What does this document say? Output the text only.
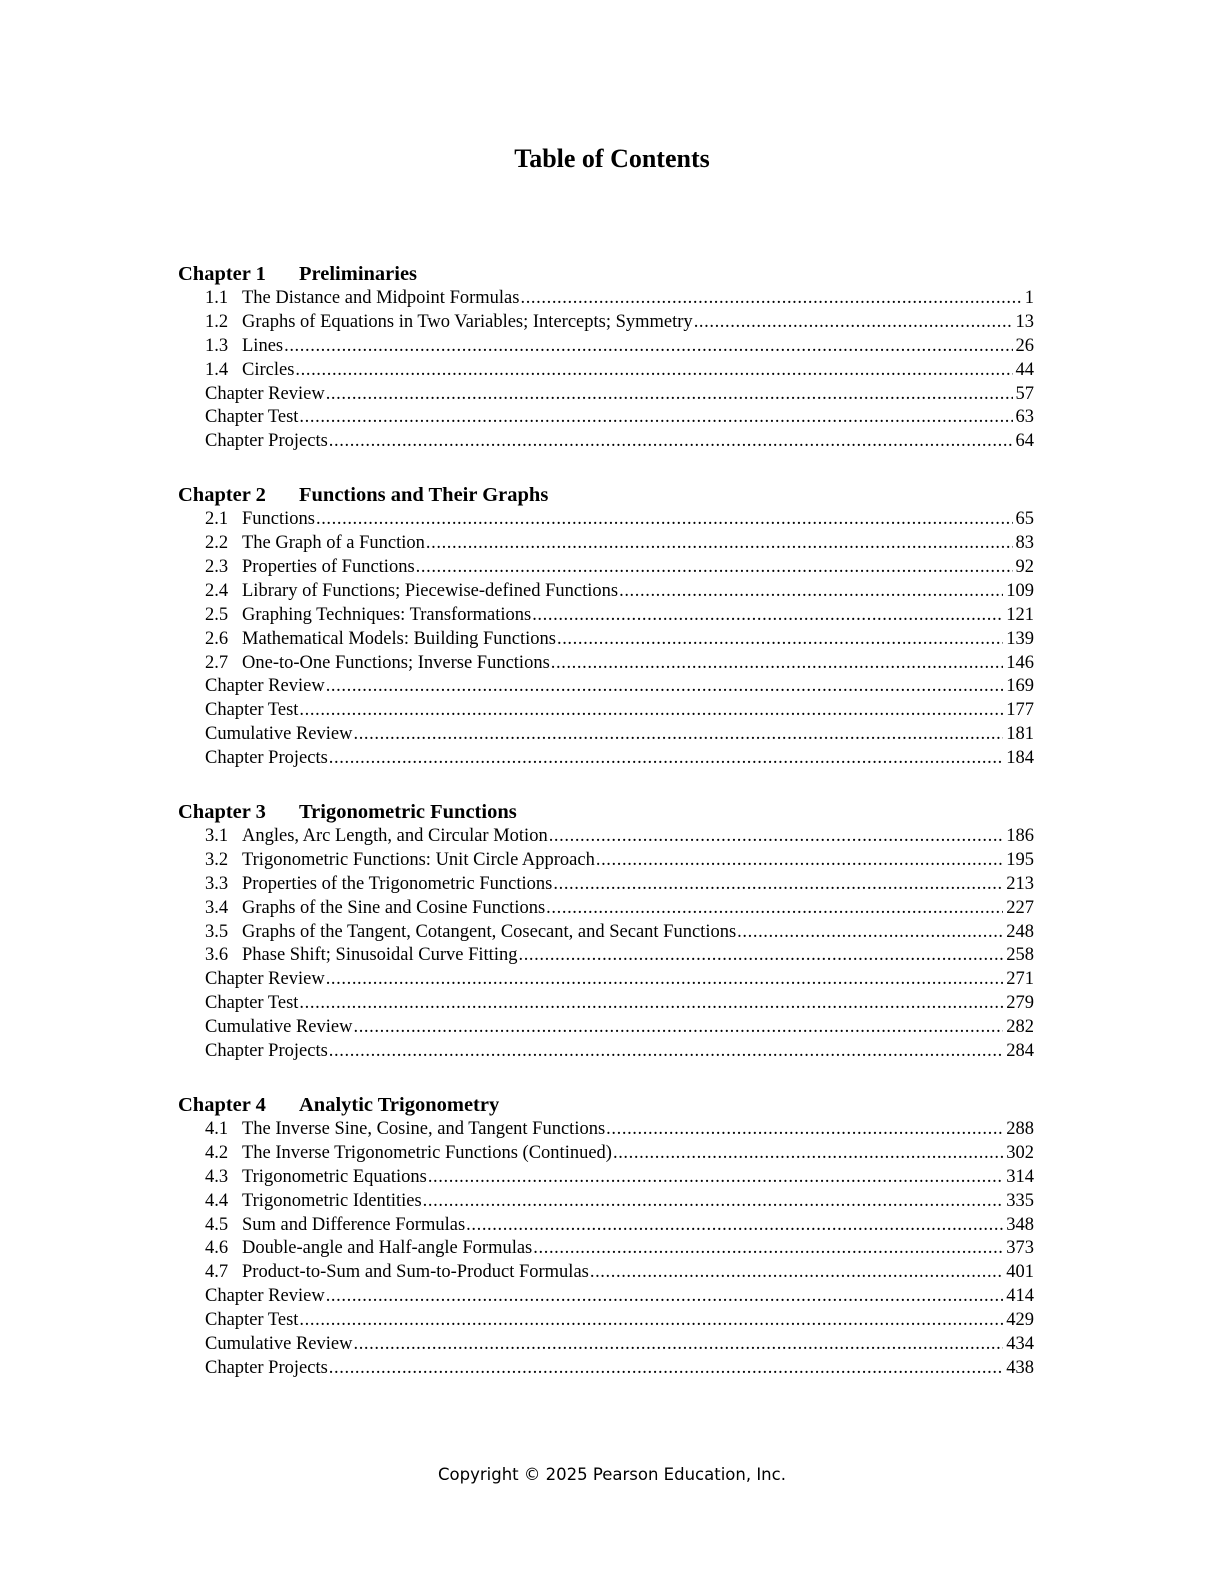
Table of Contents
Chapter 1 Preliminaries
1.1 The Distance and Midpoint Formulas .....	1
1.2 Graphs of Equations in Two Variables; Intercepts; Symmetry .....	13
1.3 Lines .....	26
1.4 Circles .....	44
Chapter Review .....	57
Chapter Test .....	63
Chapter Projects .....	64
Chapter 2 Functions and Their Graphs
2.1 Functions .....	65
2.2 The Graph of a Function .....	83
2.3 Properties of Functions .....	92
2.4 Library of Functions; Piecewise-defined Functions .....	109
2.5 Graphing Techniques: Transformations .....	121
2.6 Mathematical Models: Building Functions .....	139
2.7 One-to-One Functions; Inverse Functions .....	146
Chapter Review .....	169
Chapter Test .....	177
Cumulative Review .....	181
Chapter Projects .....	184
Chapter 3 Trigonometric Functions
3.1 Angles, Arc Length, and Circular Motion .....	186
3.2 Trigonometric Functions: Unit Circle Approach .....	195
3.3 Properties of the Trigonometric Functions .....	213
3.4 Graphs of the Sine and Cosine Functions .....	227
3.5 Graphs of the Tangent, Cotangent, Cosecant, and Secant Functions .....	248
3.6 Phase Shift; Sinusoidal Curve Fitting .....	258
Chapter Review .....	271
Chapter Test .....	279
Cumulative Review .....	282
Chapter Projects .....	284
Chapter 4 Analytic Trigonometry
4.1 The Inverse Sine, Cosine, and Tangent Functions .....	288
4.2 The Inverse Trigonometric Functions (Continued) .....	302
4.3 Trigonometric Equations .....	314
4.4 Trigonometric Identities .....	335
4.5 Sum and Difference Formulas .....	348
4.6 Double-angle and Half-angle Formulas .....	373
4.7 Product-to-Sum and Sum-to-Product Formulas .....	401
Chapter Review .....	414
Chapter Test .....	429
Cumulative Review .....	434
Chapter Projects .....	438
Copyright © 2025 Pearson Education, Inc.
